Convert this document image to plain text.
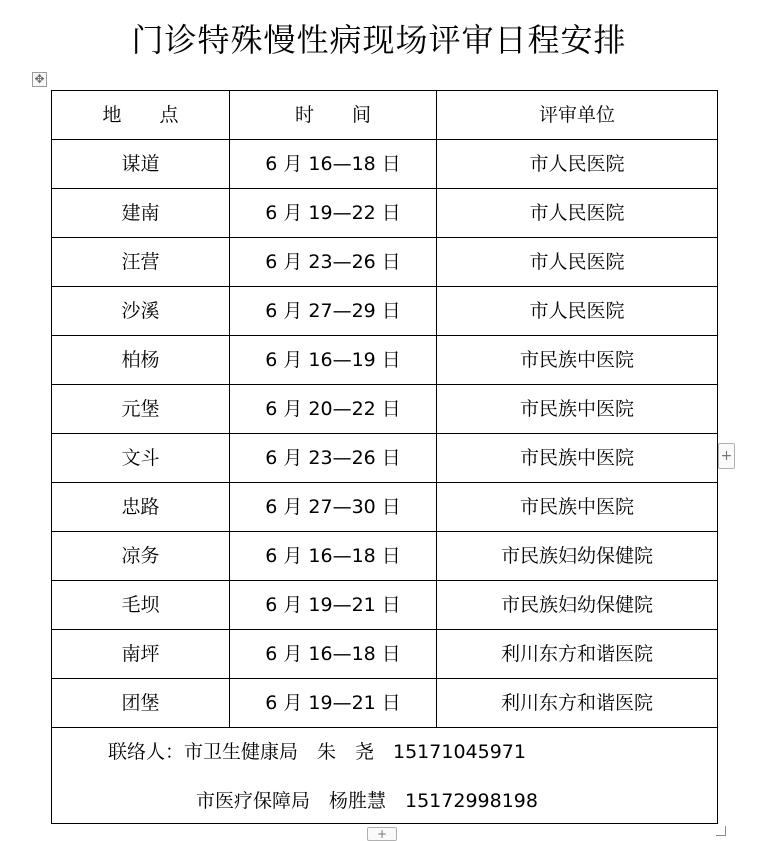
门诊特殊慢性病现场评审日程安排
✥
地　　点	时　　间	评审单位
谋道	6 月 16—18 日	市人民医院
建南	6 月 19—22 日	市人民医院
汪营	6 月 23—26 日	市人民医院
沙溪	6 月 27—29 日	市人民医院
柏杨	6 月 16—19 日	市民族中医院
元堡	6 月 20—22 日	市民族中医院
文斗	6 月 23—26 日	市民族中医院
忠路	6 月 27—30 日	市民族中医院
凉务	6 月 16—18 日	市民族妇幼保健院
毛坝	6 月 19—21 日	市民族妇幼保健院
南坪	6 月 16—18 日	利川东方和谐医院
团堡	6 月 19—21 日	利川东方和谐医院

联络人：市卫生健康局　朱　尧　15171045971
市医疗保障局　杨胜慧　15172998198
+
+
